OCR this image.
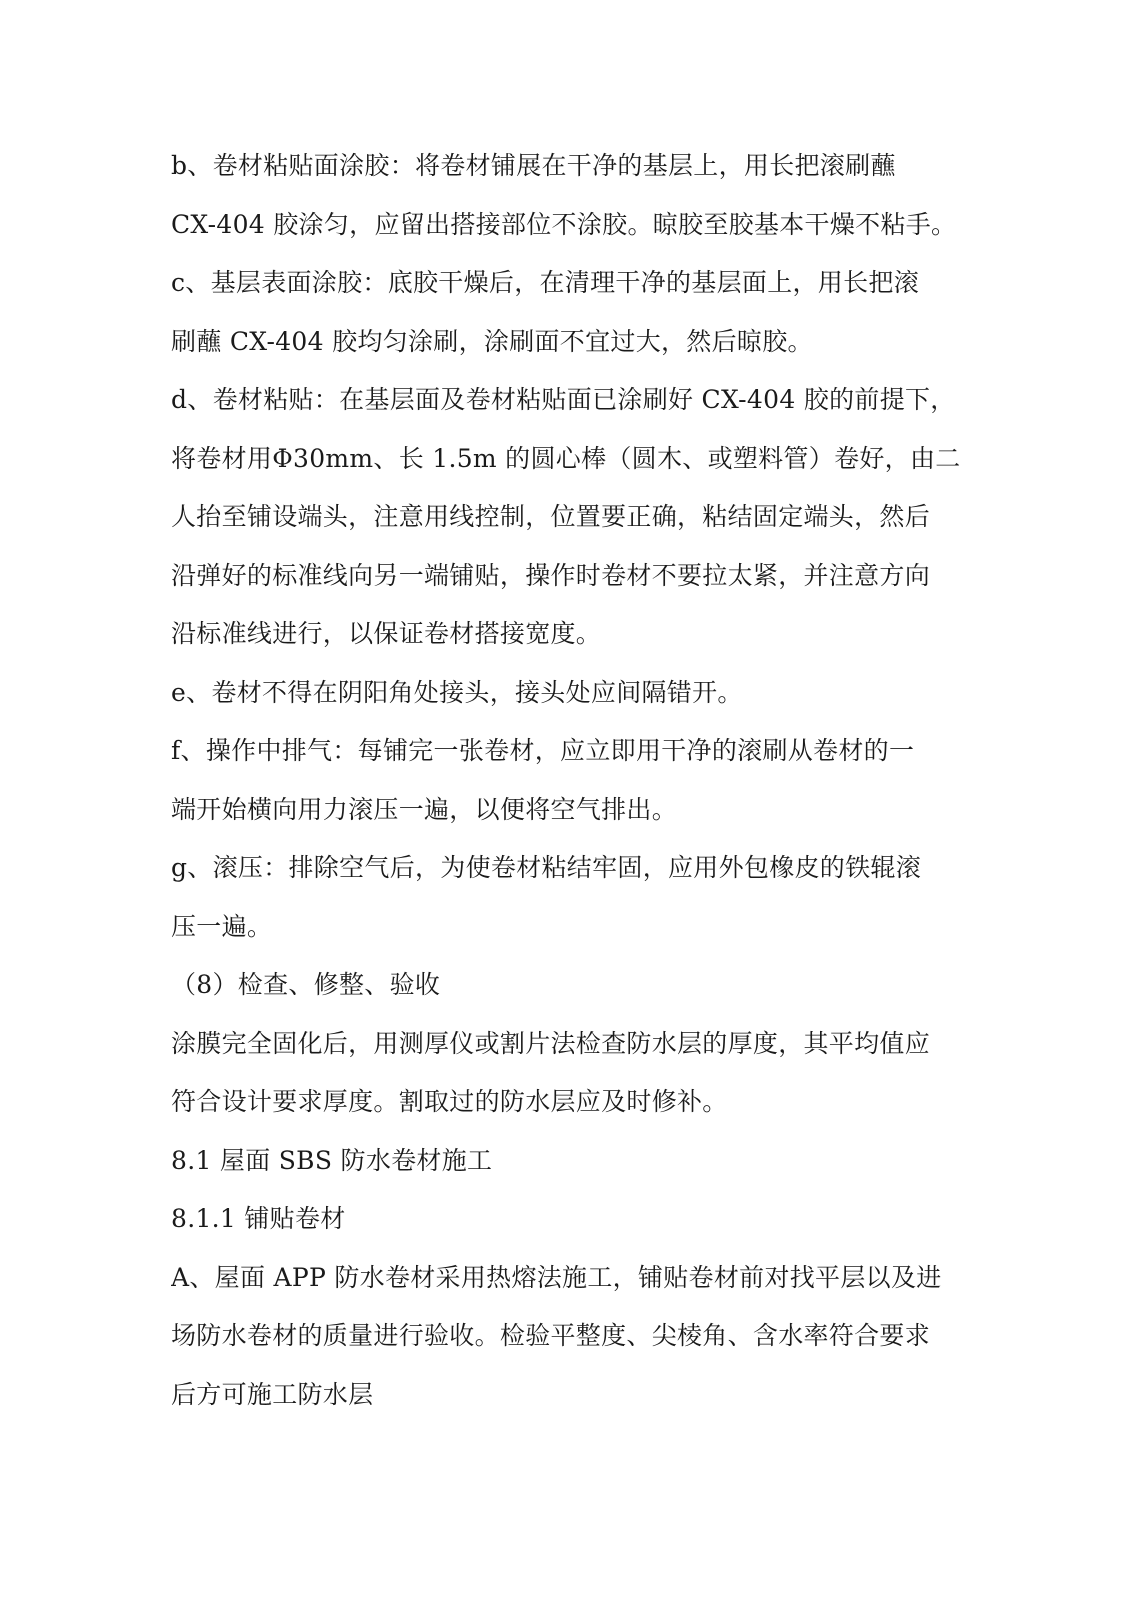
b、卷材粘贴面涂胶：将卷材铺展在干净的基层上，用长把滚刷蘸
CX-404 胶涂匀，应留出搭接部位不涂胶。晾胶至胶基本干燥不粘手。
c、基层表面涂胶：底胶干燥后，在清理干净的基层面上，用长把滚
刷蘸 CX-404 胶均匀涂刷，涂刷面不宜过大，然后晾胶。
d、卷材粘贴：在基层面及卷材粘贴面已涂刷好 CX-404 胶的前提下，
将卷材用Φ30mm、长 1.5m 的圆心棒（圆木、或塑料管）卷好，由二
人抬至铺设端头，注意用线控制，位置要正确，粘结固定端头，然后
沿弹好的标准线向另一端铺贴，操作时卷材不要拉太紧，并注意方向
沿标准线进行，以保证卷材搭接宽度。
e、卷材不得在阴阳角处接头，接头处应间隔错开。
f、操作中排气：每铺完一张卷材，应立即用干净的滚刷从卷材的一
端开始横向用力滚压一遍，以便将空气排出。
g、滚压：排除空气后，为使卷材粘结牢固，应用外包橡皮的铁辊滚
压一遍。
（8）检查、修整、验收
涂膜完全固化后，用测厚仪或割片法检查防水层的厚度，其平均值应
符合设计要求厚度。割取过的防水层应及时修补。
8.1 屋面 SBS 防水卷材施工
8.1.1 铺贴卷材
A、屋面 APP 防水卷材采用热熔法施工，铺贴卷材前对找平层以及进
场防水卷材的质量进行验收。检验平整度、尖棱角、含水率符合要求
后方可施工防水层
